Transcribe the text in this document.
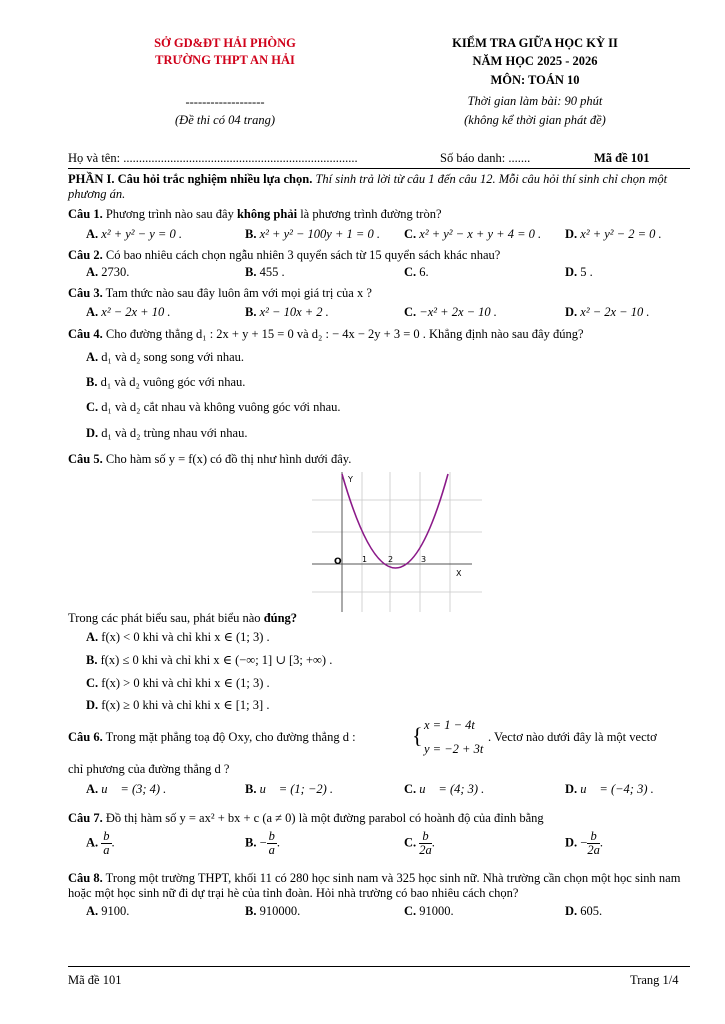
SỞ GD&ĐT HẢI PHÒNG
TRƯỜNG THPT AN HẢI
-------------------
(Đề thi có 04 trang)
KIỂM TRA GIỮA HỌC KỲ II
NĂM HỌC 2025 - 2026
MÔN: TOÁN 10
Thời gian làm bài: 90 phút
(không kể thời gian phát đề)
Họ và tên: ...........................................................................	Số báo danh: .......	Mã đề 101
PHẦN I. Câu hỏi trắc nghiệm nhiều lựa chọn. Thí sinh trả lời từ câu 1 đến câu 12. Mỗi câu hỏi thí sinh chỉ chọn một phương án.
Câu 1. Phương trình nào sau đây không phải là phương trình đường tròn?
A. x² + y² − y = 0 .	B. x² + y² − 100y + 1 = 0 . C. x² + y² − x + y + 4 = 0 . D. x² + y² − 2 = 0 .
Câu 2. Có bao nhiêu cách chọn ngẫu nhiên 3 quyển sách từ 15 quyển sách khác nhau?
A. 2730.	B. 455 .	C. 6.	D. 5 .
Câu 3. Tam thức nào sau đây luôn âm với mọi giá trị của x ?
A. x² − 2x + 10 .	B. x² − 10x + 2 .	C. −x² + 2x − 10 .	D. x² − 2x − 10 .
Câu 4. Cho đường thẳng d₁ : 2x + y + 15 = 0 và d₂ : − 4x − 2y + 3 = 0 . Khẳng định nào sau đây đúng?
A. d₁ và d₂ song song với nhau.
B. d₁ và d₂ vuông góc với nhau.
C. d₁ và d₂ cắt nhau và không vuông góc với nhau.
D. d₁ và d₂ trùng nhau với nhau.
Câu 5. Cho hàm số y = f(x) có đồ thị như hình dưới đây.
Y
X
O	1	2	3
Trong các phát biểu sau, phát biểu nào đúng?
A. f(x) < 0 khi và chỉ khi x ∈ (1; 3) .
B. f(x) ≤ 0 khi và chỉ khi x ∈ (−∞; 1] ∪ [3; +∞) .
C. f(x) > 0 khi và chỉ khi x ∈ (1; 3) .
D. f(x) ≥ 0 khi và chỉ khi x ∈ [1; 3] .
Câu 6. Trong mặt phẳng toạ độ Oxy, cho đường thẳng d :	{ x = 1 − 4t
y = −2 + 3t
. Vectơ nào dưới đây là một vectơ
chỉ phương của đường thẳng d ?
A. u⃗ = (3; 4) .	B. u⃗ = (1; −2) .	C. u⃗ = (4; 3) .	D. u⃗ = (−4; 3) .
Câu 7. Đồ thị hàm số y = ax² + bx + c (a ≠ 0) là một đường parabol có hoành độ của đỉnh bằng
A. $\frac{b}{a}$ .	B. − $\frac{b}{a}$ .	C. $\frac{b}{2a}$ .	D. − $\frac{b}{2a}$ .
Câu 8. Trong một trường THPT, khối 11 có 280 học sinh nam và 325 học sinh nữ. Nhà trường cần chọn một học sinh nam hoặc một học sinh nữ đi dự trại hè của tỉnh đoàn. Hỏi nhà trường có bao nhiêu cách chọn?
A. 9100.	B. 910000.	C. 91000.	D. 605.
Mã đề 101	Trang 1/4
